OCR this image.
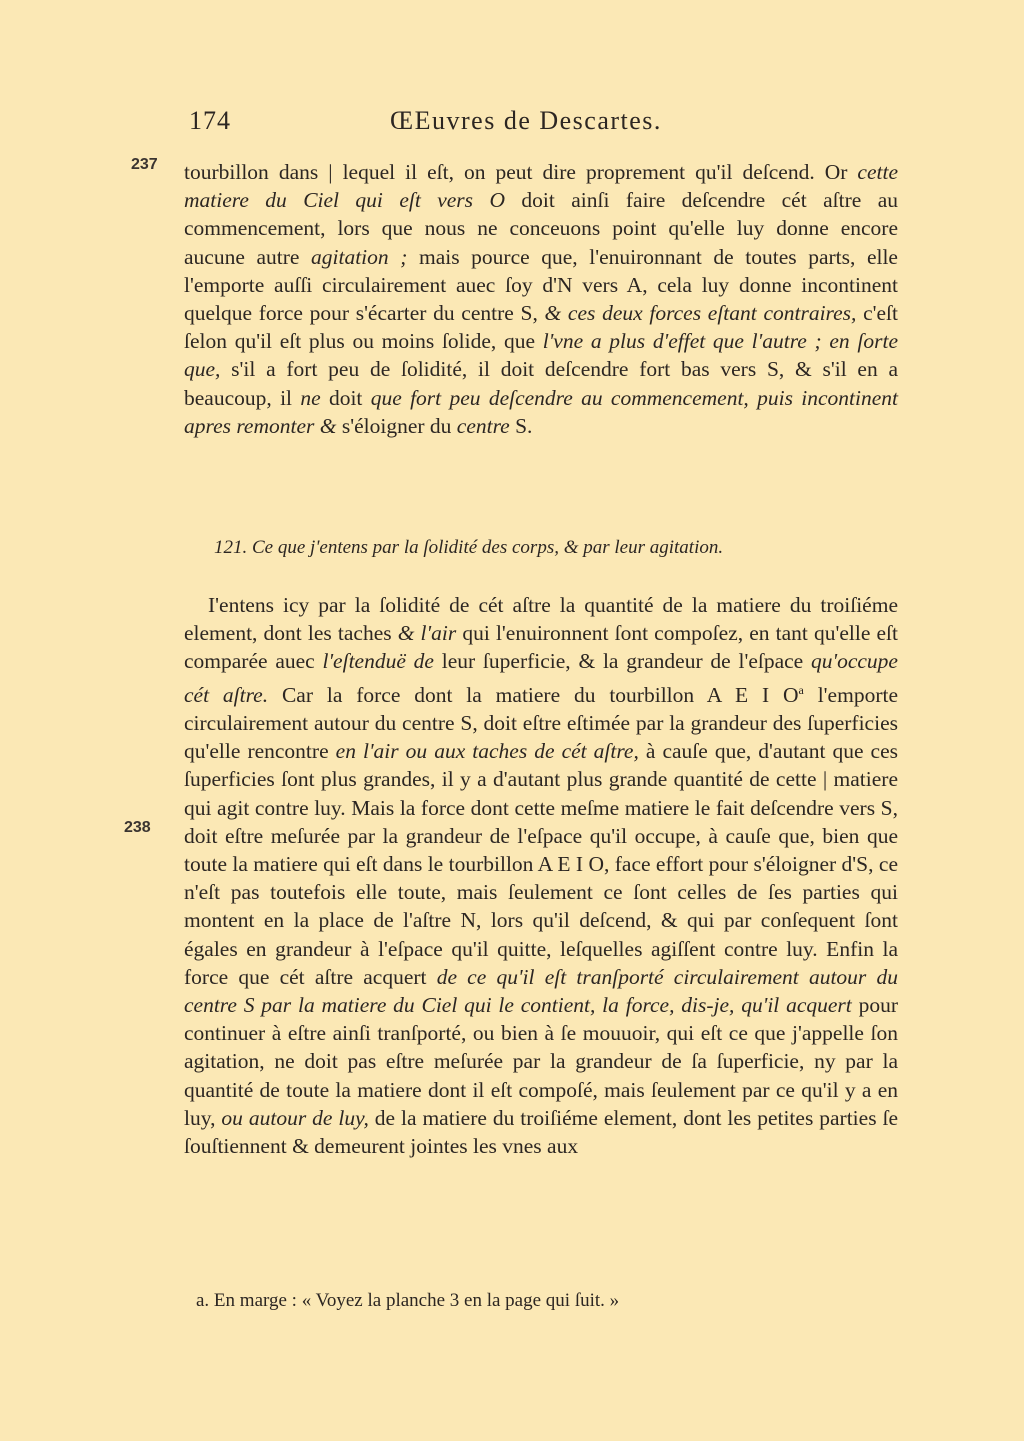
174	ŒEuvres de Descartes.
237
238
tourbillon dans | lequel il eſt, on peut dire proprement qu'il deſcend. Or cette matiere du Ciel qui eſt vers O doit ainſi faire deſcendre cét aſtre au commencement, lors que nous ne conceuons point qu'elle luy donne encore aucune autre agitation ; mais pource que, l'enuironnant de toutes parts, elle l'emporte auſſi circulairement auec ſoy d'N vers A, cela luy donne incontinent quelque force pour s'écarter du centre S, & ces deux forces eſtant contraires, c'eſt ſelon qu'il eſt plus ou moins ſolide, que l'vne a plus d'effet que l'autre ; en ſorte que, s'il a fort peu de ſolidité, il doit deſcendre fort bas vers S, & s'il en a beaucoup, il ne doit que fort peu deſcendre au commencement, puis incontinent apres remonter & s'éloigner du centre S.
121. Ce que j'entens par la ſolidité des corps, & par leur agitation.
I'entens icy par la ſolidité de cét aſtre la quantité de la matiere du troiſiéme element, dont les taches & l'air qui l'enuironnent ſont compoſez, en tant qu'elle eſt comparée auec l'eſtenduë de leur ſuperficie, & la grandeur de l'eſpace qu'occupe cét aſtre. Car la force dont la matiere du tourbillon A E I $O^a$ l'emporte circulairement autour du centre S, doit eſtre eſtimée par la grandeur des ſuperficies qu'elle rencontre en l'air ou aux taches de cét aſtre, à cauſe que, d'autant que ces ſuperficies ſont plus grandes, il y a d'autant plus grande quantité de cette | matiere qui agit contre luy. Mais la force dont cette meſme matiere le fait deſcendre vers S, doit eſtre meſurée par la grandeur de l'eſpace qu'il occupe, à cauſe que, bien que toute la matiere qui eſt dans le tourbillon A E I O, face effort pour s'éloigner d'S, ce n'eſt pas toutefois elle toute, mais ſeulement ce ſont celles de ſes parties qui montent en la place de l'aſtre N, lors qu'il deſcend, & qui par conſequent ſont égales en grandeur à l'eſpace qu'il quitte, leſquelles agiſſent contre luy. Enfin la force que cét aſtre acquert de ce qu'il eſt tranſporté circulairement autour du centre S par la matiere du Ciel qui le contient, la force, dis-je, qu'il acquert pour continuer à eſtre ainſi tranſporté, ou bien à ſe mouuoir, qui eſt ce que j'appelle ſon agitation, ne doit pas eſtre meſurée par la grandeur de ſa ſuperficie, ny par la quantité de toute la matiere dont il eſt compoſé, mais ſeulement par ce qu'il y a en luy, ou autour de luy, de la matiere du troiſiéme element, dont les petites parties ſe ſouſtiennent & demeurent jointes les vnes aux
a. En marge : « Voyez la planche 3 en la page qui ſuit. »
